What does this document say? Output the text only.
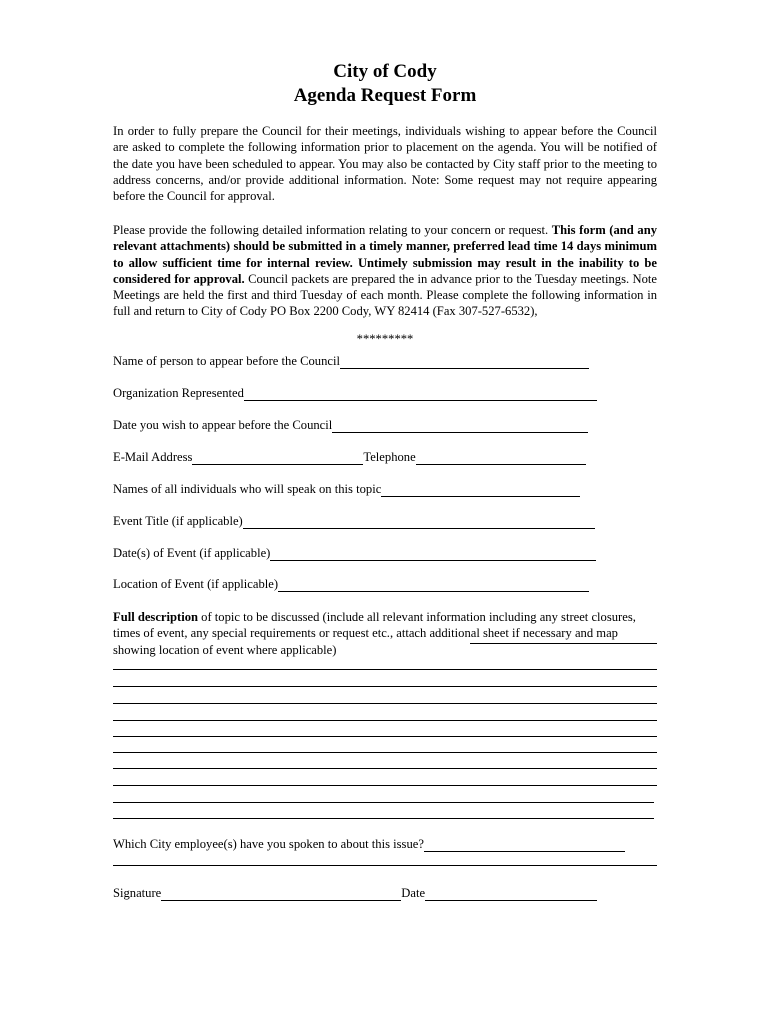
City of Cody
Agenda Request Form
In order to fully prepare the Council for their meetings, individuals wishing to appear before the Council are asked to complete the following information prior to placement on the agenda. You will be notified of the date you have been scheduled to appear. You may also be contacted by City staff prior to the meeting to address concerns, and/or provide additional information. Note: Some request may not require appearing before the Council for approval.
Please provide the following detailed information relating to your concern or request. This form (and any relevant attachments) should be submitted in a timely manner, preferred lead time 14 days minimum to allow sufficient time for internal review. Untimely submission may result in the inability to be considered for approval. Council packets are prepared the in advance prior to the Tuesday meetings. Note Meetings are held the first and third Tuesday of each month. Please complete the following information in full and return to City of Cody PO Box 2200 Cody, WY 82414 (Fax 307-527-6532),
*********
Name of person to appear before the Council
Organization Represented
Date you wish to appear before the Council
E-Mail Address	Telephone
Names of all individuals who will speak on this topic
Event Title (if applicable)
Date(s) of Event (if applicable)
Location of Event (if applicable)
Full description of topic to be discussed (include all relevant information including any street closures, times of event, any special requirements or request etc., attach additional sheet if necessary and map showing location of event where applicable)
Which City employee(s) have you spoken to about this issue?
Signature	Date
